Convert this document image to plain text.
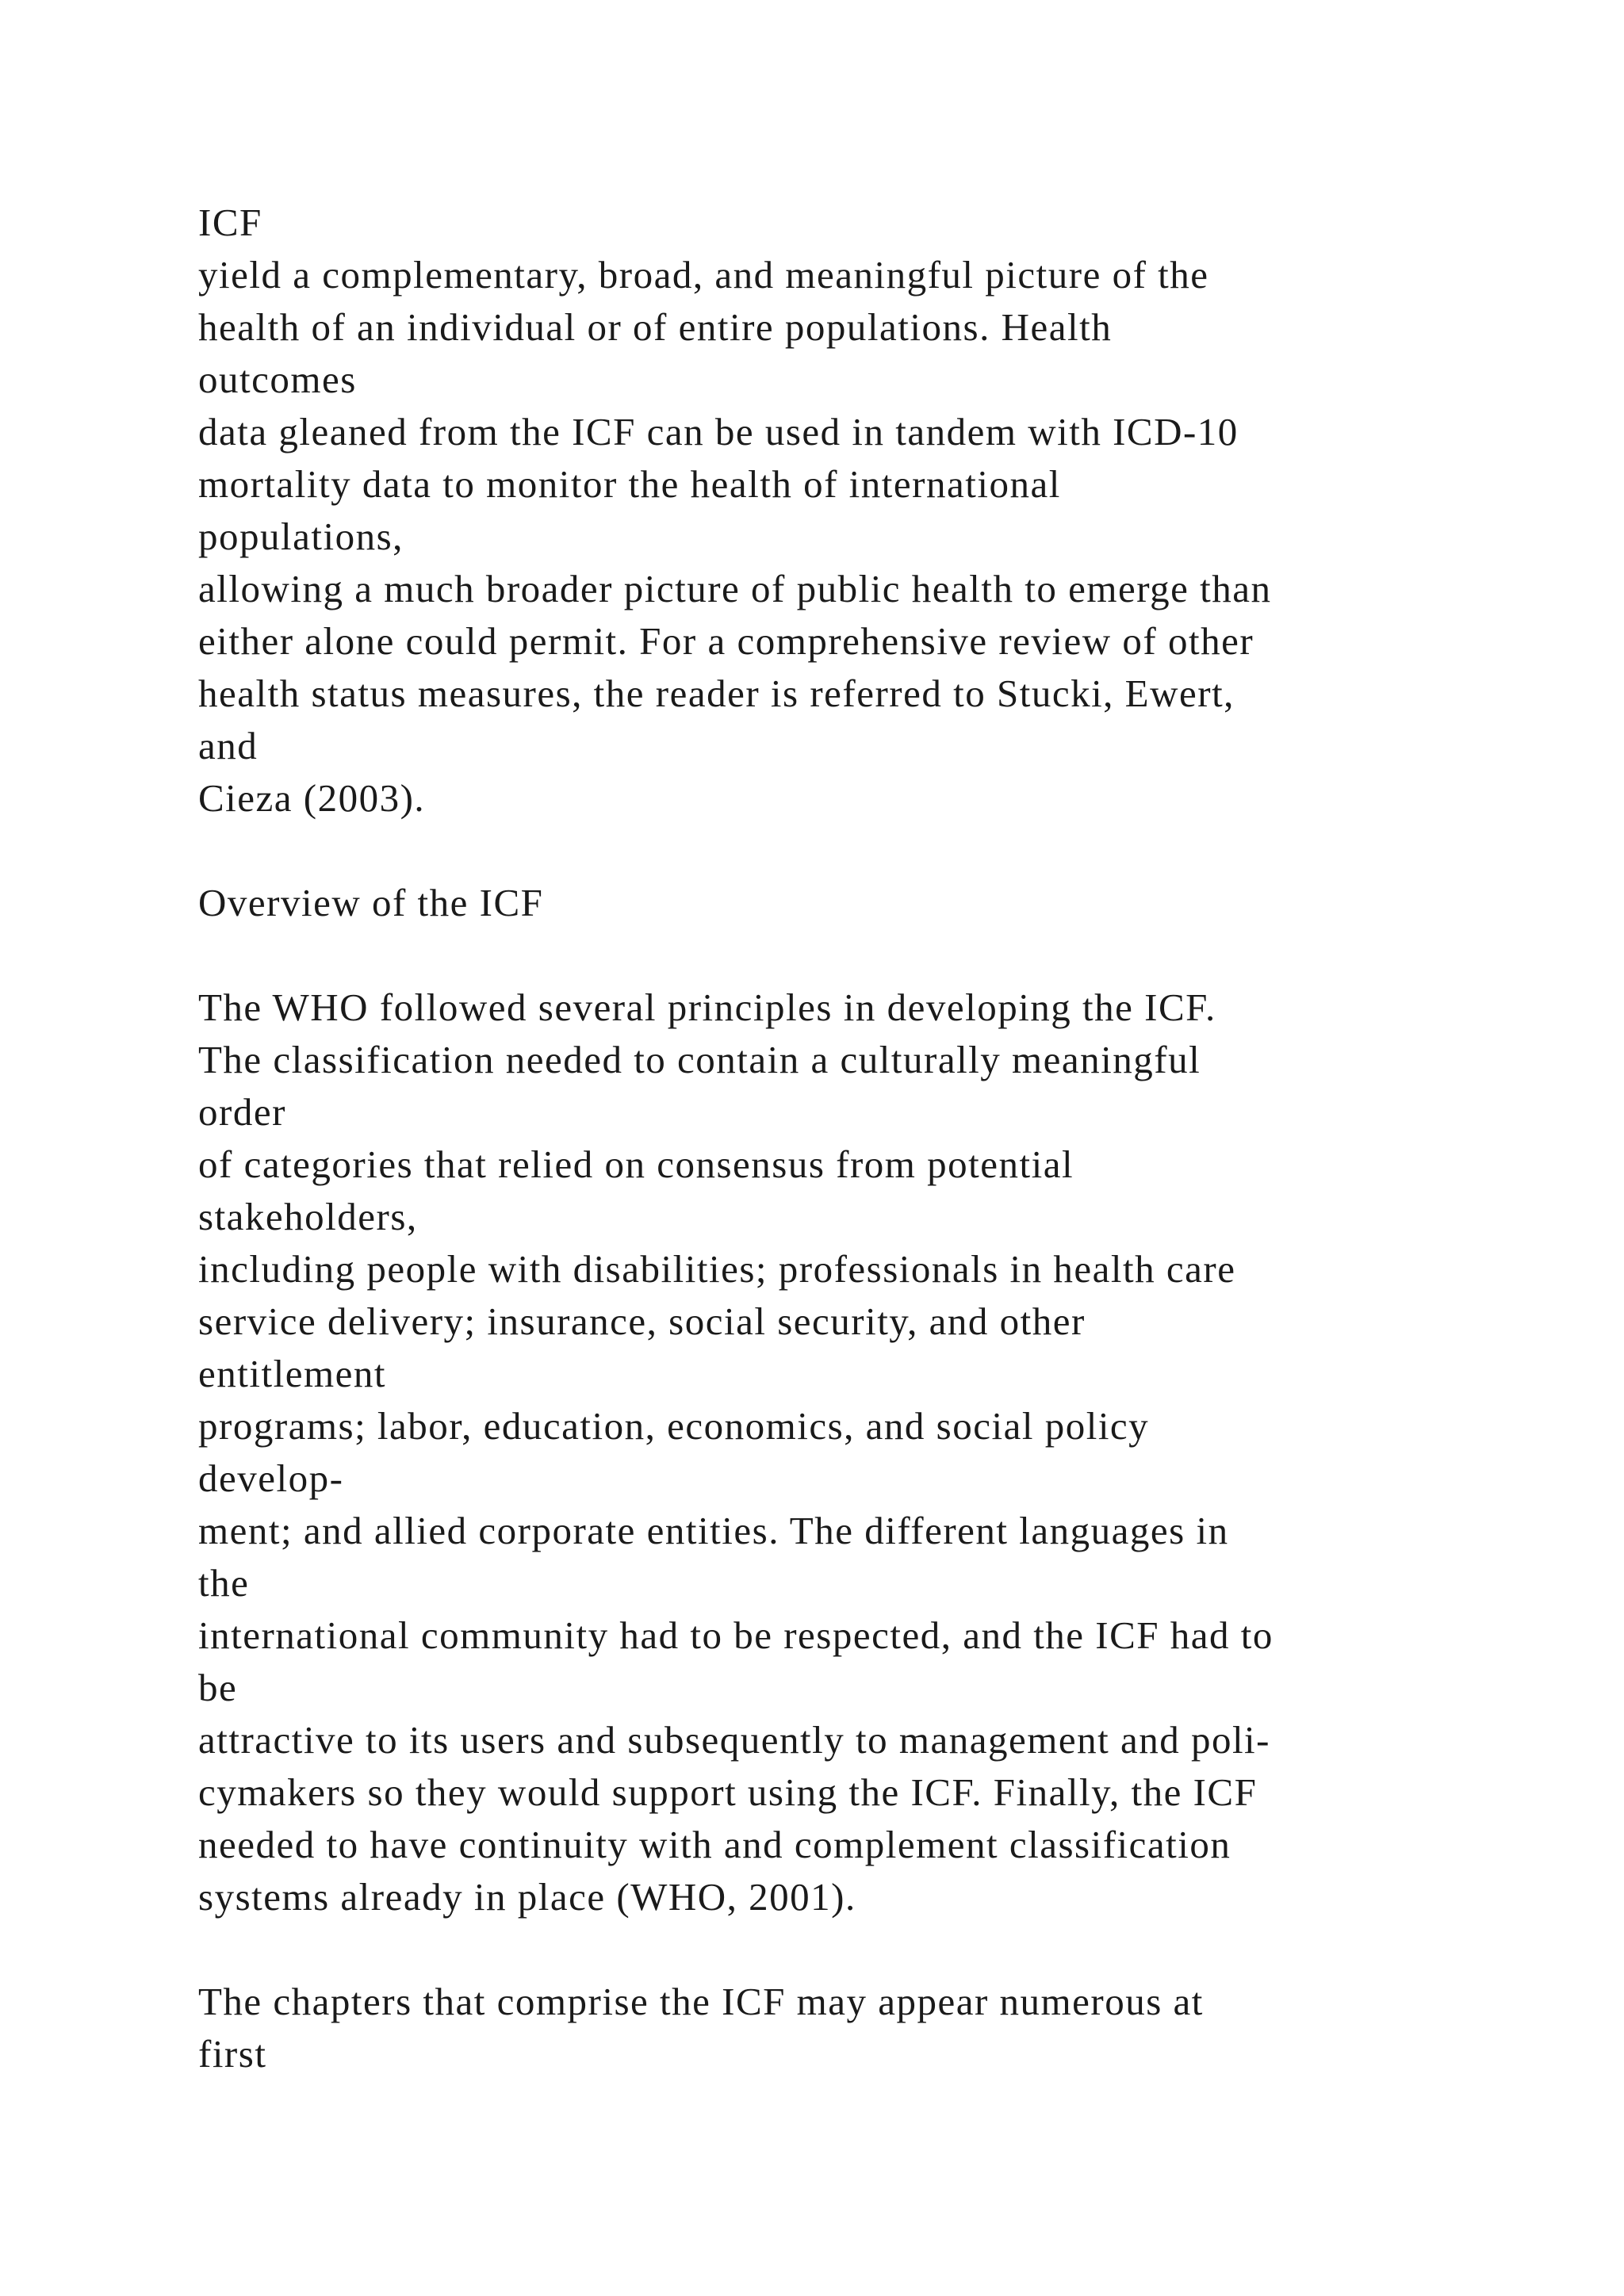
ICF
yield a complementary, broad, and meaningful picture of the
health of an individual or of entire populations. Health
outcomes
data gleaned from the ICF can be used in tandem with ICD-10
mortality data to monitor the health of international
populations,
allowing a much broader picture of public health to emerge than
either alone could permit. For a comprehensive review of other
health status measures, the reader is referred to Stucki, Ewert,
and
Cieza (2003).
Overview of the ICF
The WHO followed several principles in developing the ICF.
The classification needed to contain a culturally meaningful
order
of categories that relied on consensus from potential
stakeholders,
including people with disabilities; professionals in health care
service delivery; insurance, social security, and other
entitlement
programs; labor, education, economics, and social policy
develop-
ment; and allied corporate entities. The different languages in
the
international community had to be respected, and the ICF had to
be
attractive to its users and subsequently to management and poli-
cymakers so they would support using the ICF. Finally, the ICF
needed to have continuity with and complement classification
systems already in place (WHO, 2001).
The chapters that comprise the ICF may appear numerous at
first
